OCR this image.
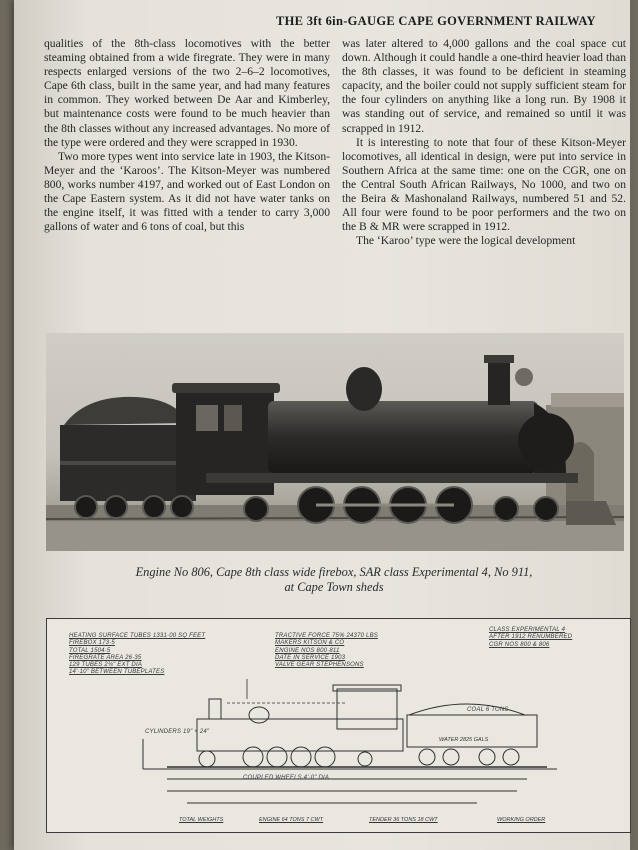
THE 3ft 6in-GAUGE CAPE GOVERNMENT RAILWAY

qualities of the 8th-class locomotives with the better steaming obtained from a wide firegrate. They were in many respects enlarged versions of the two 2–6–2 locomotives, Cape 6th class, built in the same year, and had many features in common. They worked between De Aar and Kimberley, but maintenance costs were found to be much heavier than the 8th classes without any increased advantages. No more of the type were ordered and they were scrapped in 1930.

Two more types went into service late in 1903, the Kitson-Meyer and the ‘Karoos’. The Kitson-Meyer was numbered 800, works number 4197, and worked out of East London on the Cape Eastern system. As it did not have water tanks on the engine itself, it was fitted with a tender to carry 3,000 gallons of water and 6 tons of coal, but this

was later altered to 4,000 gallons and the coal space cut down. Although it could handle a one-third heavier load than the 8th classes, it was found to be deficient in steaming capacity, and the boiler could not supply sufficient steam for the four cylinders on anything like a long run. By 1908 it was standing out of service, and remained so until it was scrapped in 1912.

It is interesting to note that four of these Kitson-Meyer locomotives, all identical in design, were put into service in Southern Africa at the same time: one on the CGR, one on the Central South African Railways, No 1000, and two on the Beira & Mashonaland Railways, numbered 51 and 52. All four were found to be poor performers and the two on the B & MR were scrapped in 1912.

The ‘Karoo’ type were the logical development

Engine No 806, Cape 8th class wide firebox, SAR class Experimental 4, No 911,
at Cape Town sheds
HEATING SURFACE TUBES 1331·00 SQ FEET
FIREBOX 173·5
TOTAL 1504·5
FIREGRATE AREA 26·35
129 TUBES 2¼" EXT DIA
14'·10" BETWEEN TUBEPLATES
TRACTIVE FORCE 75% 24370 LBS
MAKERS KITSON & CO
ENGINE NOS 800·811
DATE IN SERVICE 1903
VALVE GEAR STEPHENSONS
CLASS EXPERIMENTAL 4
AFTER 1912 RENUMBERED
CGR NOS 800 & 806
WATER 2825 GALS
COAL 6 TONS
CYLINDERS 19" × 24"
COUPLED WHEELS 4'·0" DIA
TOTAL WEIGHTS	ENGINE 64 TONS 7 CWT	TENDER 36 TONS 18 CWT	WORKING ORDER
